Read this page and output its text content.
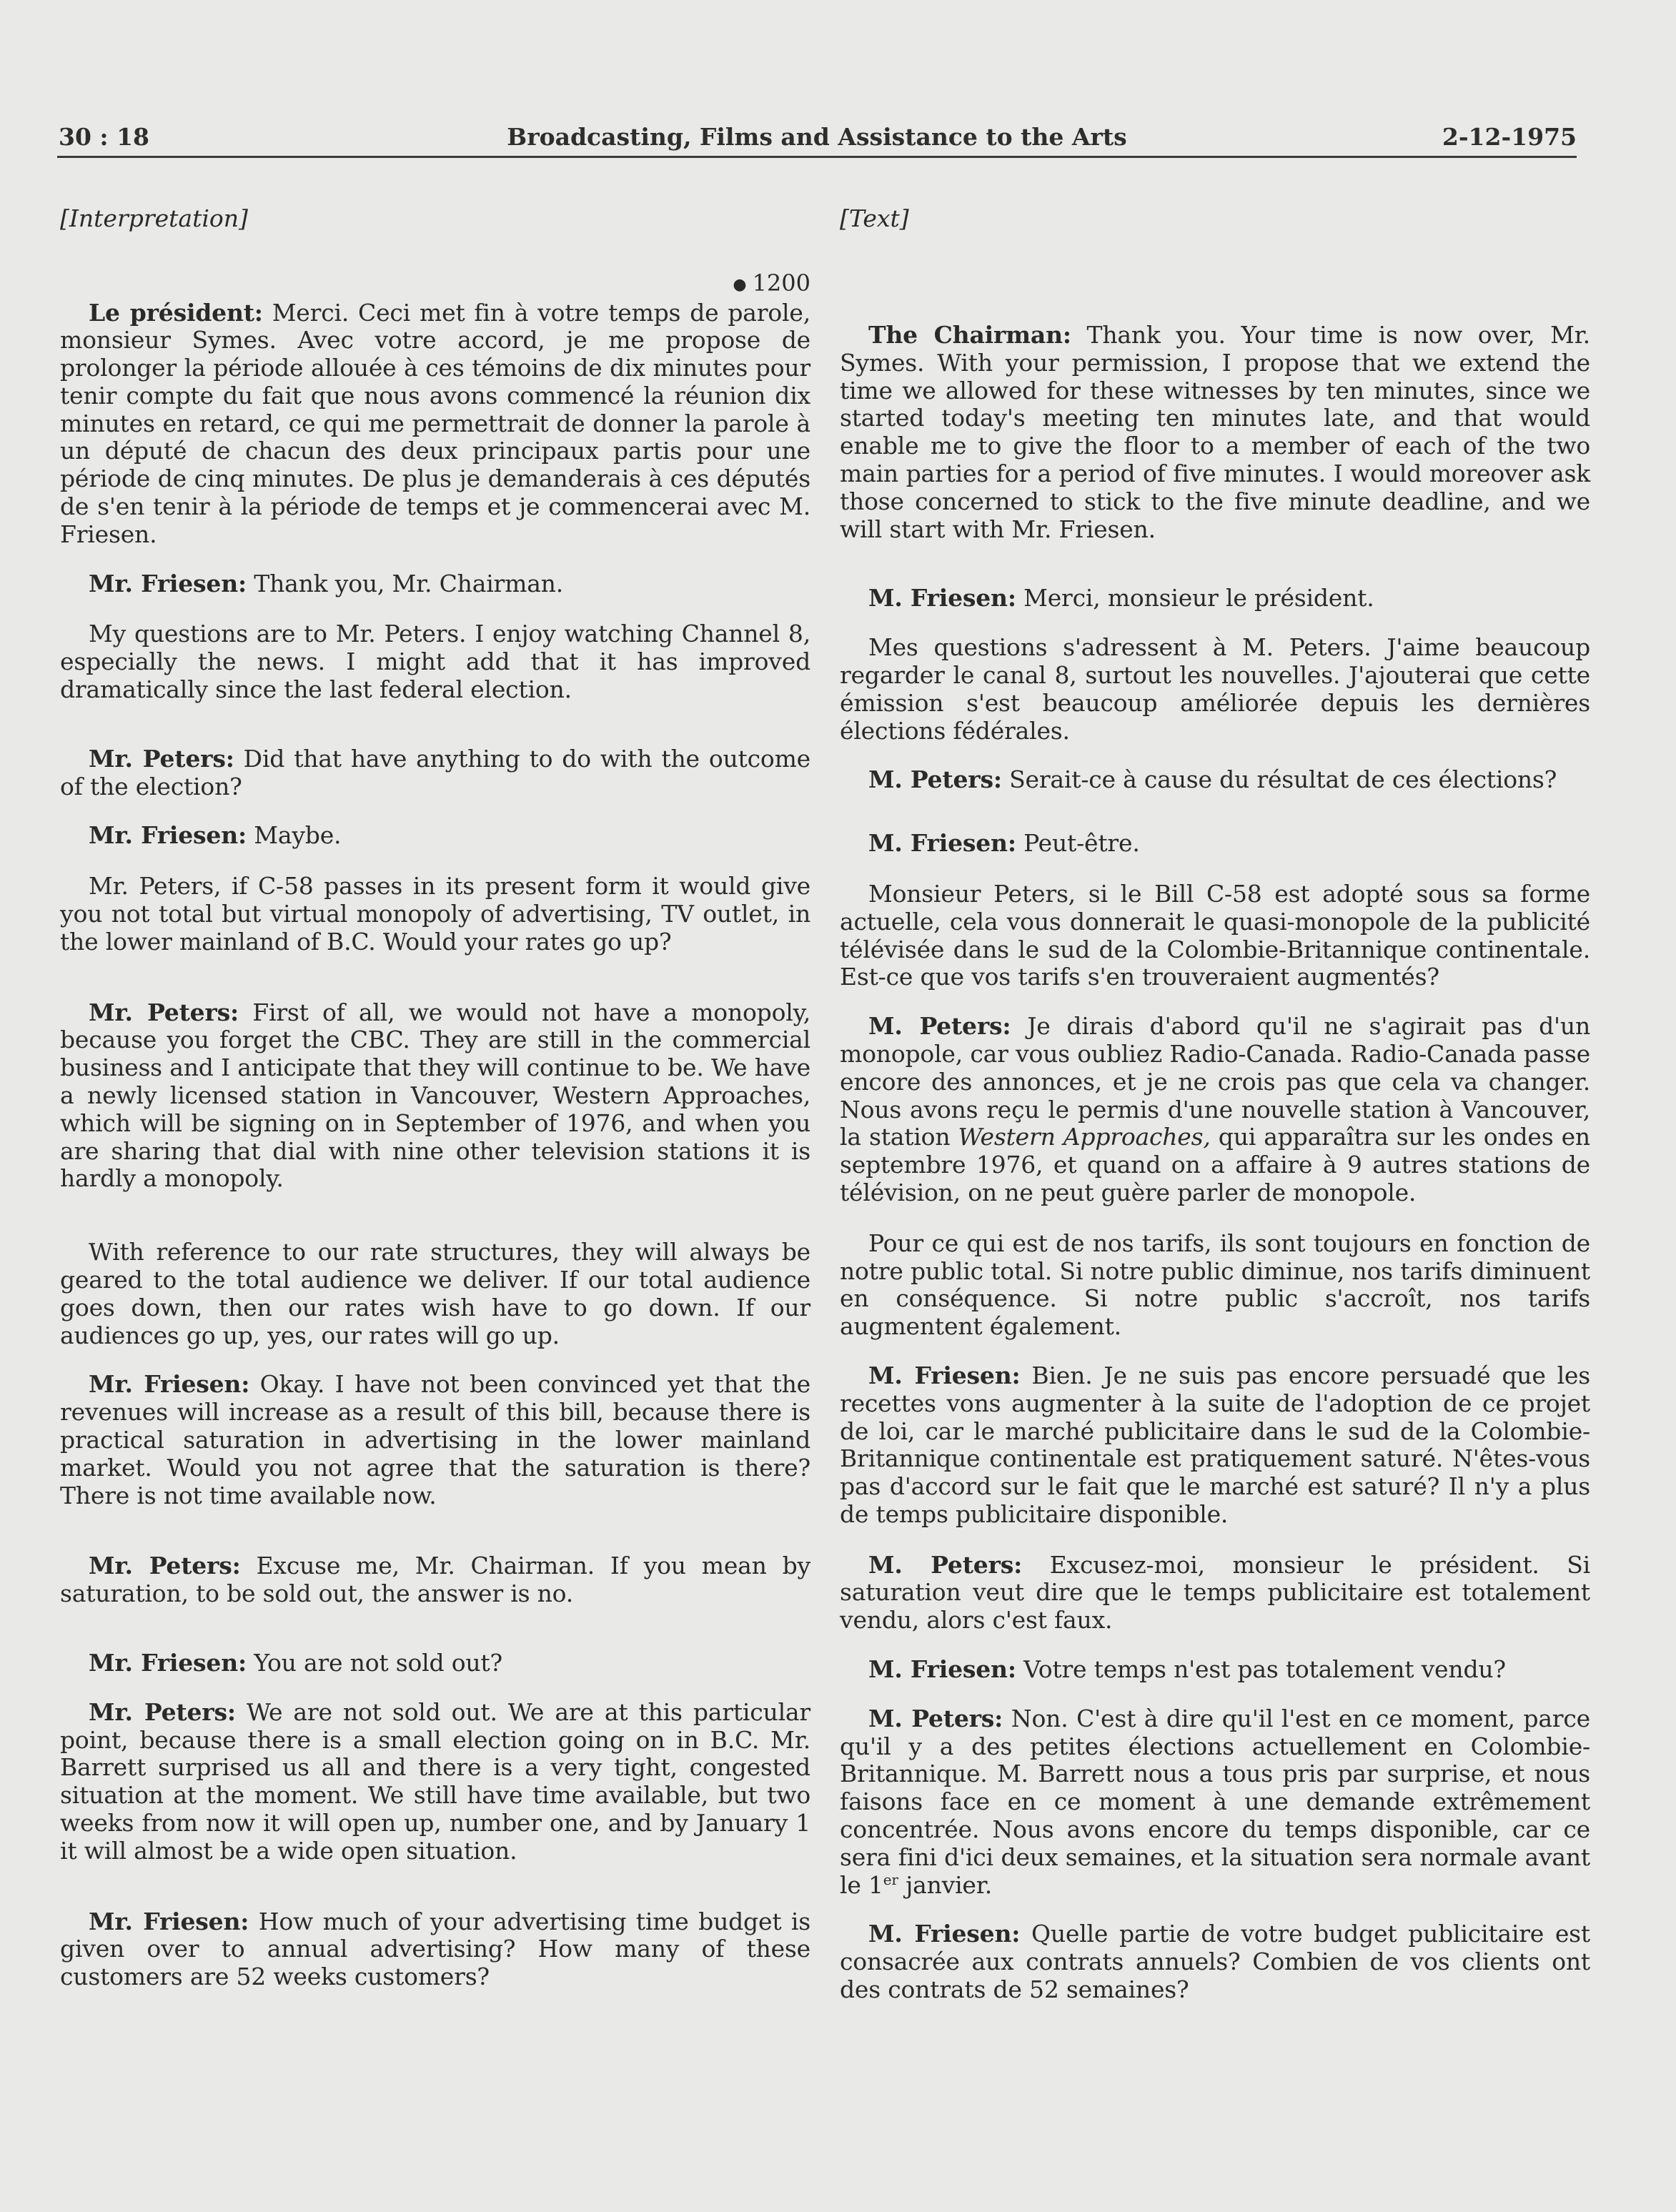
30 : 18	Broadcasting, Films and Assistance to the Arts	2-12-1975

[Interpretation]

● 1200

Le président: Merci. Ceci met fin à votre temps de parole, monsieur Symes. Avec votre accord, je me propose de prolonger la période allouée à ces témoins de dix minutes pour tenir compte du fait que nous avons commencé la réunion dix minutes en retard, ce qui me permettrait de donner la parole à un député de chacun des deux principaux partis pour une période de cinq minutes. De plus je demanderais à ces députés de s'en tenir à la période de temps et je commencerai avec M. Friesen.

Mr. Friesen: Thank you, Mr. Chairman.

My questions are to Mr. Peters. I enjoy watching Channel 8, especially the news. I might add that it has improved dramatically since the last federal election.

Mr. Peters: Did that have anything to do with the outcome of the election?

Mr. Friesen: Maybe.

Mr. Peters, if C-58 passes in its present form it would give you not total but virtual monopoly of advertising, TV outlet, in the lower mainland of B.C. Would your rates go up?

Mr. Peters: First of all, we would not have a monopoly, because you forget the CBC. They are still in the commercial business and I anticipate that they will continue to be. We have a newly licensed station in Vancouver, Western Approaches, which will be signing on in September of 1976, and when you are sharing that dial with nine other television stations it is hardly a monopoly.

With reference to our rate structures, they will always be geared to the total audience we deliver. If our total audience goes down, then our rates wish have to go down. If our audiences go up, yes, our rates will go up.

Mr. Friesen: Okay. I have not been convinced yet that the revenues will increase as a result of this bill, because there is practical saturation in advertising in the lower mainland market. Would you not agree that the saturation is there? There is not time available now.

Mr. Peters: Excuse me, Mr. Chairman. If you mean by saturation, to be sold out, the answer is no.

Mr. Friesen: You are not sold out?

Mr. Peters: We are not sold out. We are at this particular point, because there is a small election going on in B.C. Mr. Barrett surprised us all and there is a very tight, congested situation at the moment. We still have time available, but two weeks from now it will open up, number one, and by January 1 it will almost be a wide open situation.

Mr. Friesen: How much of your advertising time budget is given over to annual advertising? How many of these customers are 52 weeks customers?

[Text]

The Chairman: Thank you. Your time is now over, Mr. Symes. With your permission, I propose that we extend the time we allowed for these witnesses by ten minutes, since we started today's meeting ten minutes late, and that would enable me to give the floor to a member of each of the two main parties for a period of five minutes. I would moreover ask those concerned to stick to the five minute deadline, and we will start with Mr. Friesen.

M. Friesen: Merci, monsieur le président.

Mes questions s'adressent à M. Peters. J'aime beaucoup regarder le canal 8, surtout les nouvelles. J'ajouterai que cette émission s'est beaucoup améliorée depuis les dernières élections fédérales.

M. Peters: Serait-ce à cause du résultat de ces élections?

M. Friesen: Peut-être.

Monsieur Peters, si le Bill C-58 est adopté sous sa forme actuelle, cela vous donnerait le quasi-monopole de la publicité télévisée dans le sud de la Colombie-Britannique continentale. Est-ce que vos tarifs s'en trouveraient augmentés?

M. Peters: Je dirais d'abord qu'il ne s'agirait pas d'un monopole, car vous oubliez Radio-Canada. Radio-Canada passe encore des annonces, et je ne crois pas que cela va changer. Nous avons reçu le permis d'une nouvelle station à Vancouver, la station Western Approaches, qui apparaîtra sur les ondes en septembre 1976, et quand on a affaire à 9 autres stations de télévision, on ne peut guère parler de monopole.

Pour ce qui est de nos tarifs, ils sont toujours en fonction de notre public total. Si notre public diminue, nos tarifs diminuent en conséquence. Si notre public s'accroît, nos tarifs augmentent également.

M. Friesen: Bien. Je ne suis pas encore persuadé que les recettes vons augmenter à la suite de l'adoption de ce projet de loi, car le marché publicitaire dans le sud de la Colombie-Britannique continentale est pratiquement saturé. N'êtes-vous pas d'accord sur le fait que le marché est saturé? Il n'y a plus de temps publicitaire disponible.

M. Peters: Excusez-moi, monsieur le président. Si saturation veut dire que le temps publicitaire est totalement vendu, alors c'est faux.

M. Friesen: Votre temps n'est pas totalement vendu?

M. Peters: Non. C'est à dire qu'il l'est en ce moment, parce qu'il y a des petites élections actuellement en Colombie-Britannique. M. Barrett nous a tous pris par surprise, et nous faisons face en ce moment à une demande extrêmement concentrée. Nous avons encore du temps disponible, car ce sera fini d'ici deux semaines, et la situation sera normale avant le 1er janvier.

M. Friesen: Quelle partie de votre budget publicitaire est consacrée aux contrats annuels? Combien de vos clients ont des contrats de 52 semaines?
